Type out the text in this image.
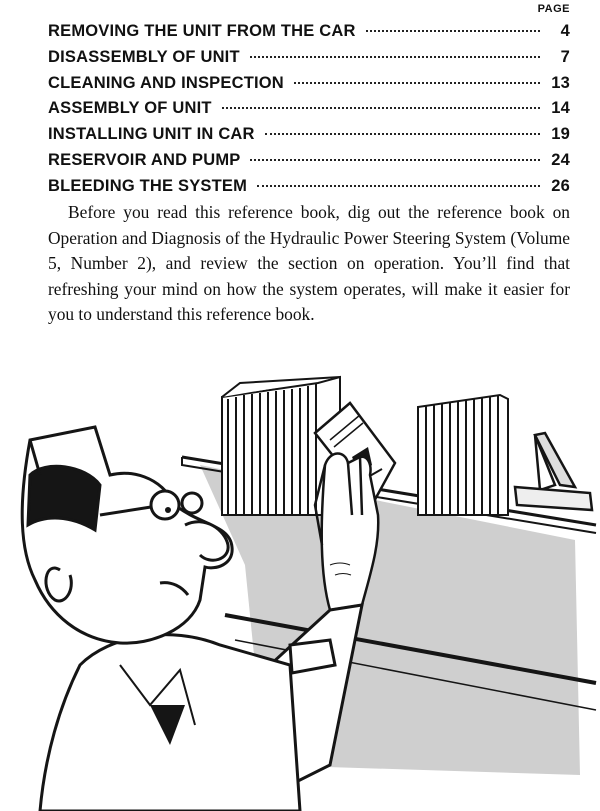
PAGE
REMOVING THE UNIT FROM THE CAR	4
DISASSEMBLY OF UNIT	7
CLEANING AND INSPECTION	13
ASSEMBLY OF UNIT	14
INSTALLING UNIT IN CAR	19
RESERVOIR AND PUMP	24
BLEEDING THE SYSTEM	26

Before you read this reference book, dig out the reference book on Operation and Diagnosis of the Hydraulic Power Steering System (Volume 5, Number 2), and review the section on operation. You’ll find that refreshing your mind on how the system operates, will make it easier for you to understand this reference book.
